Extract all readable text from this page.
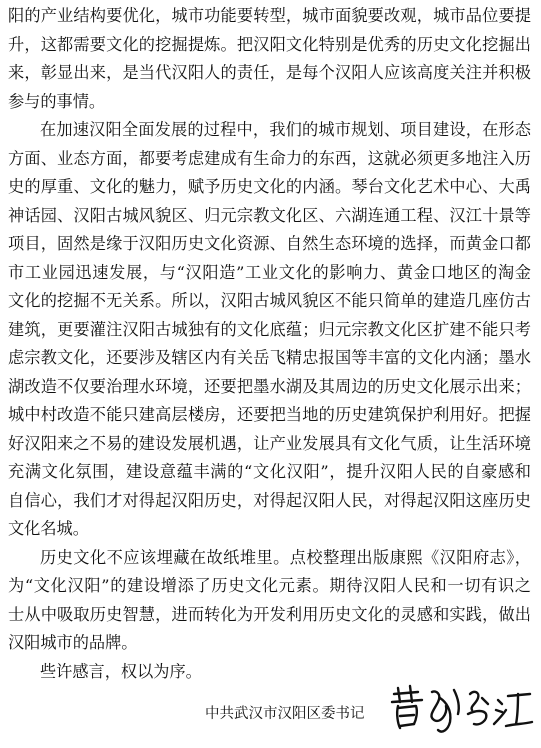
阳的产业结构要优化，城市功能要转型，城市面貌要改观，城市品位要提
升，这都需要文化的挖掘提炼。把汉阳文化特别是优秀的历史文化挖掘出
来，彰显出来，是当代汉阳人的责任，是每个汉阳人应该高度关注并积极
参与的事情。
在加速汉阳全面发展的过程中，我们的城市规划、项目建设，在形态
方面、业态方面，都要考虑建成有生命力的东西，这就必须更多地注入历
史的厚重、文化的魅力，赋予历史文化的内涵。琴台文化艺术中心、大禹
神话园、汉阳古城风貌区、归元宗教文化区、六湖连通工程、汉江十景等
项目，固然是缘于汉阳历史文化资源、自然生态环境的选择，而黄金口都
市工业园迅速发展，与“汉阳造”工业文化的影响力、黄金口地区的淘金
文化的挖掘不无关系。所以，汉阳古城风貌区不能只简单的建造几座仿古
建筑，更要灌注汉阳古城独有的文化底蕴；归元宗教文化区扩建不能只考
虑宗教文化，还要涉及辖区内有关岳飞精忠报国等丰富的文化内涵；墨水
湖改造不仅要治理水环境，还要把墨水湖及其周边的历史文化展示出来；
城中村改造不能只建高层楼房，还要把当地的历史建筑保护利用好。把握
好汉阳来之不易的建设发展机遇，让产业发展具有文化气质，让生活环境
充满文化氛围，建设意蕴丰满的“文化汉阳”，提升汉阳人民的自豪感和
自信心，我们才对得起汉阳历史，对得起汉阳人民，对得起汉阳这座历史
文化名城。
历史文化不应该埋藏在故纸堆里。点校整理出版康熙《汉阳府志》，
为“文化汉阳”的建设增添了历史文化元素。期待汉阳人民和一切有识之
士从中吸取历史智慧，进而转化为开发利用历史文化的灵感和实践，做出
汉阳城市的品牌。
些许感言，权以为序。
中共武汉市汉阳区委书记
